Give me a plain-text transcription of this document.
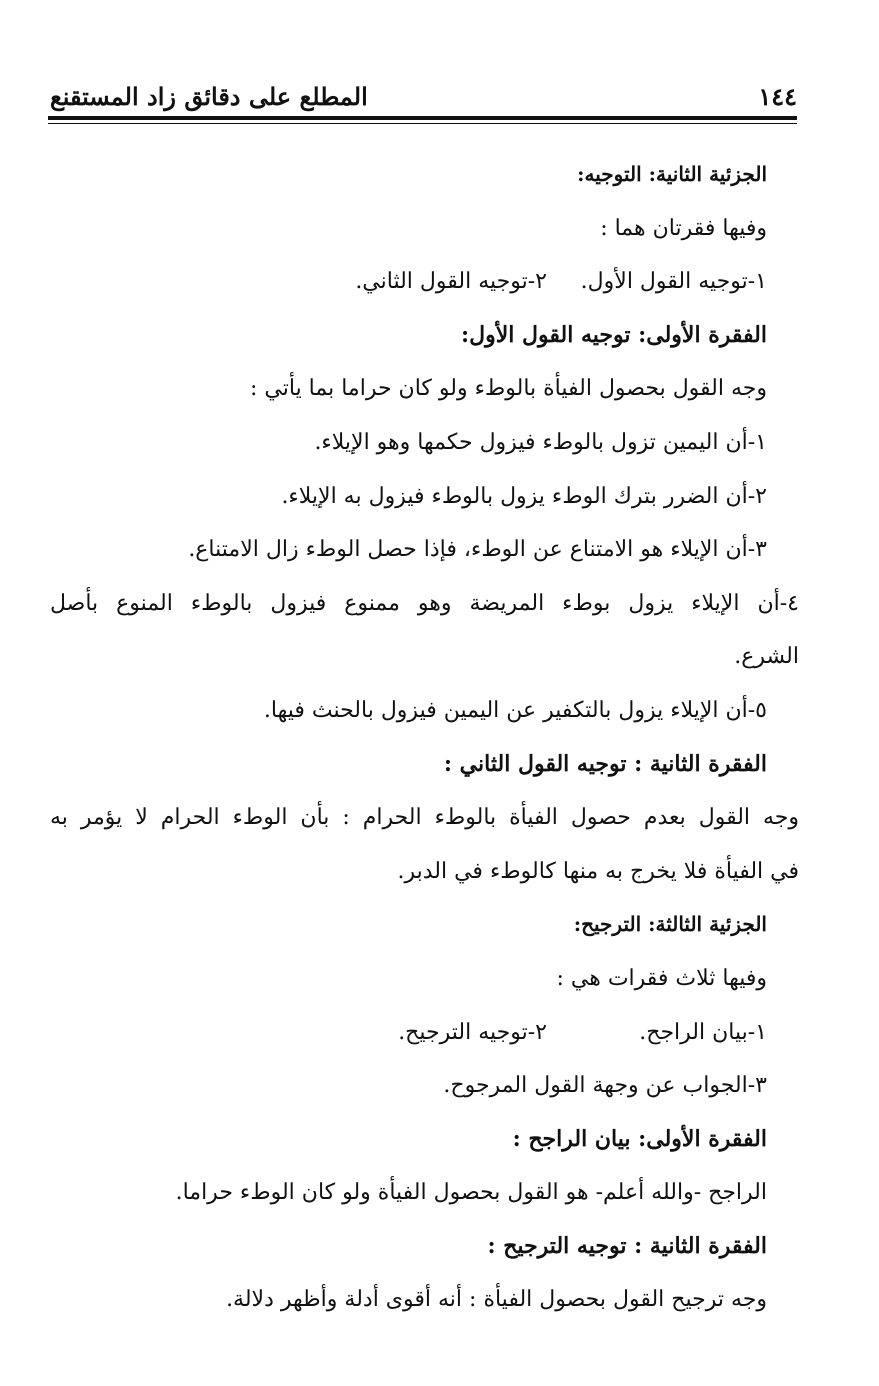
١٤٤
المطلع على دقائق زاد المستقنع
الجزئية الثانية: التوجيه:
وفيها فقرتان هما :
١-توجيه القول الأول.
٢-توجيه القول الثاني.
الفقرة الأولى: توجيه القول الأول:
وجه القول بحصول الفيأة بالوطء ولو كان حراما بما يأتي :
١-أن اليمين تزول بالوطء فيزول حكمها وهو الإيلاء.
٢-أن الضرر بترك الوطء يزول بالوطء فيزول به الإيلاء.
٣-أن الإيلاء هو الامتناع عن الوطء، فإذا حصل الوطء زال الامتناع.
٤-أن الإيلاء يزول بوطء المريضة وهو ممنوع فيزول بالوطء المنوع بأصل
الشرع.
٥-أن الإيلاء يزول بالتكفير عن اليمين فيزول بالحنث فيها.
الفقرة الثانية : توجيه القول الثاني :
وجه القول بعدم حصول الفيأة بالوطء الحرام : بأن الوطء الحرام لا يؤمر به
في الفيأة فلا يخرج به منها كالوطء في الدبر.
الجزئية الثالثة: الترجيح:
وفيها ثلاث فقرات هي :
١-بيان الراجح.
٢-توجيه الترجيح.
٣-الجواب عن وجهة القول المرجوح.
الفقرة الأولى: بيان الراجح :
الراجح -والله أعلم- هو القول بحصول الفيأة ولو كان الوطء حراما.
الفقرة الثانية : توجيه الترجيح :
وجه ترجيح القول بحصول الفيأة : أنه أقوى أدلة وأظهر دلالة.
